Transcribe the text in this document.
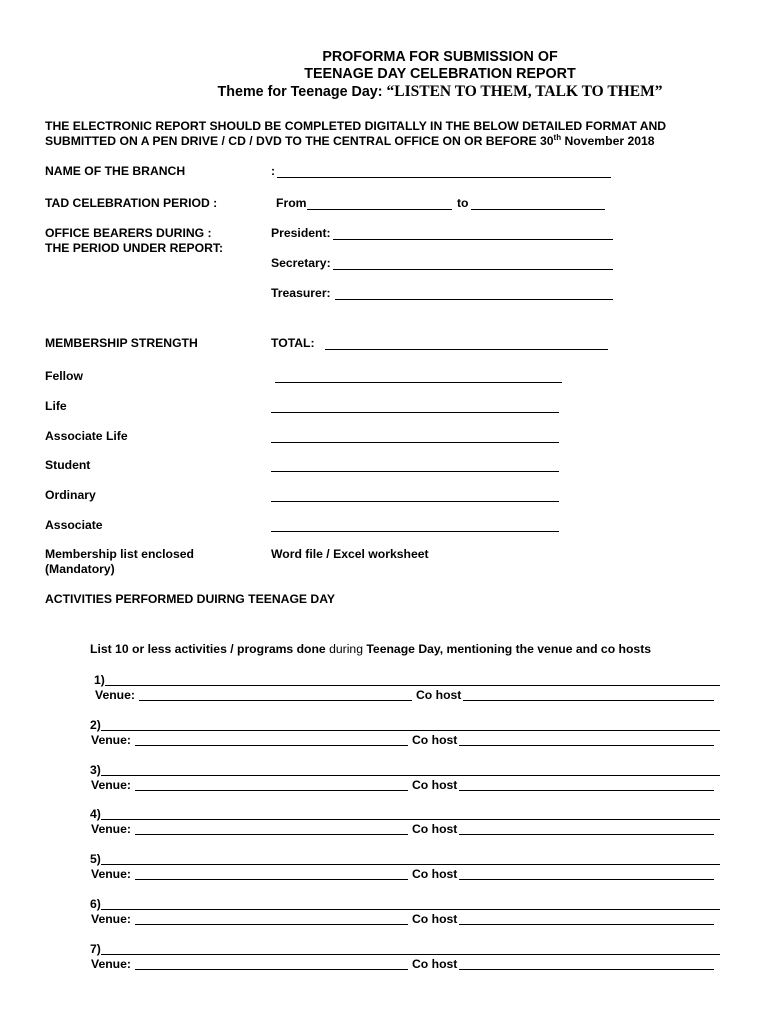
PROFORMA FOR SUBMISSION OF
TEENAGE DAY CELEBRATION REPORT
Theme for Teenage Day: “LISTEN TO THEM, TALK TO THEM”
THE ELECTRONIC REPORT SHOULD BE COMPLETED DIGITALLY IN THE BELOW DETAILED FORMAT AND
SUBMITTED ON A PEN DRIVE / CD / DVD TO THE CENTRAL OFFICE ON OR BEFORE 30th November 2018
NAME OF THE BRANCH	:
TAD CELEBRATION PERIOD :	From	to
OFFICE BEARERS DURING :
THE PERIOD UNDER REPORT:
President:
Secretary:
Treasurer:
MEMBERSHIP STRENGTH	TOTAL:
Fellow
Life
Associate Life
Student
Ordinary
Associate
Membership list enclosed
(Mandatory)
Word file / Excel worksheet
ACTIVITIES PERFORMED DUIRNG TEENAGE DAY
List 10 or less activities / programs done during Teenage Day, mentioning the venue and co hosts
1)
Venue:	Co host
2)
Venue:	Co host
3)
Venue:	Co host
4)
Venue:	Co host
5)
Venue:	Co host
6)
Venue:	Co host
7)
Venue:	Co host
